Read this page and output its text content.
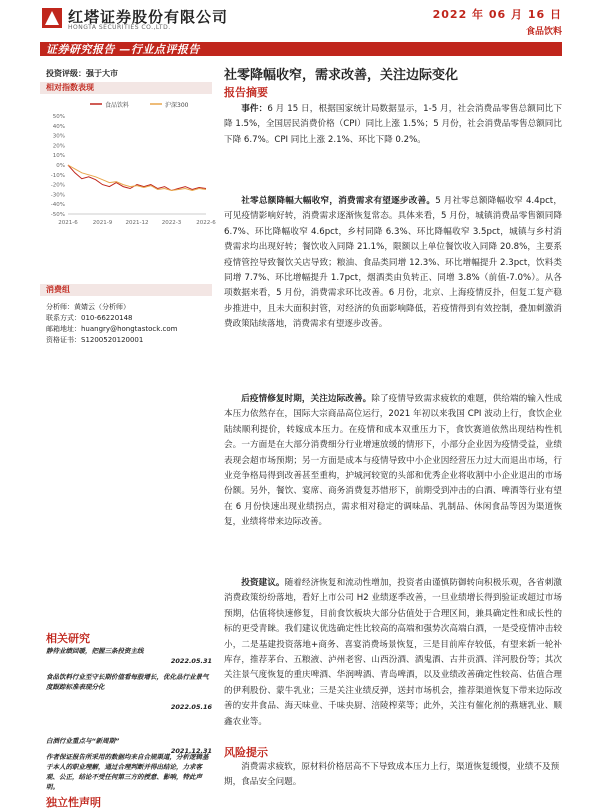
红塔证券股份有限公司
HONGTA SECURITIES CO.,LTD.
2022 年 06 月 16 日
食品饮料
证券研究报告 —行业点评报告
投资评级：强于大市
相对指数表现
食品饮料	沪深300
50%
40%
30%
20%
10%
0%
-10%
-20%
-30%
-40%
-50%
2021-6	2021-9 2021-12 2022-3	2022-6
消费组
分析师：黄婧云（分析师）
联系方式：010-66220148
邮箱地址：huangry@hongtastock.com
资格证书：S1200520120001
相关研究
静待业绩回暖，把握三条投资主线
2022.05.31
食品饮料行业至守长期价值看每股增长，优化品行业景气度跟踪标准表现分化
2022.05.16
白酒行业重点与“新周期”
2021.12.31
独立性声明
作者保证报告所采用的数据均来自合规渠道，分析逻辑基于本人的职业理解，通过合理判断并得出结论，力求客观、公正，结论不受任何第三方的授意、影响，特此声明。
社零降幅收窄，需求改善，关注边际变化
报告摘要
事件：6 月 15 日，根据国家统计局数据显示，1-5 月，社会消费品零售总额同比下降 1.5%，全国居民消费价格（CPI）同比上涨 1.5%；5 月份，社会消费品零售总额同比下降 6.7%。CPI 同比上涨 2.1%、环比下降 0.2%。
社零总额降幅大幅收窄，消费需求有望逐步改善。5 月社零总额降幅收窄 4.4pct，可见疫情影响好转，消费需求逐渐恢复常态。具体来看，5 月份，城镇消费品零售额同降 6.7%、环比降幅收窄 4.6pct，乡村同降 6.3%、环比降幅收窄 3.5pct，城镇与乡村消费需求均出现好转；餐饮收入同降 21.1%，限额以上单位餐饮收入同降 20.8%，主要系疫情管控导致餐饮关店导致；粮油、食品类同增 12.3%、环比增幅提升 2.3pct，饮料类同增 7.7%、环比增幅提升 1.7pct，烟酒类由负转正、同增 3.8%（前值-7.0%）。从各项数据来看，5 月份，消费需求环比改善。6 月份，北京、上海疫情反扑，但复工复产稳步推进中，且未大面积封管，对经济的负面影响降低，若疫情得到有效控制，叠加刺激消费政策陆续落地，消费需求有望逐步改善。
后疫情修复时期，关注边际改善。除了疫情导致需求疲软的难题，供给端的输入性成本压力依然存在，国际大宗商品高位运行，2021 年初以来我国 CPI 波动上行，食饮企业陆续顺利提价，转嫁成本压力。在疫情和成本双重压力下，食饮赛道依然出现结构性机会。一方面是在大部分消费细分行业增速放缓的情形下，小部分企业因为疫情受益，业绩表现会超市场预期；另一方面是成本与疫情导致中小企业因经营压力过大而退出市场，行业竞争格局得到改善甚至重构，护城河较宽的头部和优秀企业将收割中小企业退出的市场份额。另外，餐饮、宴席、商务消费复苏惜形下，前期受到冲击的白酒、啤酒等行业有望在 6 月份快速出现业绩拐点，需求相对稳定的调味品、乳制品、休闲食品等因为渠道恢复，业绩将带来边际改善。
投资建议。随着经济恢复和流动性增加，投资者由谨慎防御转向积极乐观，各省刺激消费政策纷纷落地，看好上市公司 H2 业绩逐季改善，一旦业绩增长得到验证或超过市场预期，估值将快速修复，目前食饮板块大部分估值处于合理区间，兼具确定性和成长性的标的更受青睐。我们建议优选确定性比较高的高端和强势次高端白酒，一是受疫情冲击较小，二是基建投资落地+商务、喜宴消费场景恢复，三是目前库存较低，有望来新一轮补库存，推荐茅台、五粮液、泸州老窖、山西汾酒、酒鬼酒、古井贡酒、洋河股份等；其次关注景气度恢复的重庆啤酒、华润啤酒、青岛啤酒，以及业绩改善确定性较高、估值合理的伊利股份、蒙牛乳业；三是关注业绩反弹，送封市场机会，推荐渠道恢复下带来边际改善的安井食品、海天味业、千味央厨、涪陵榨菜等；此外，关注有催化剂的燕塘乳业、顺鑫农业等。
风险提示
消费需求疲软，原材料价格居高不下导致成本压力上行，渠道恢复缓慢，业绩不及预期，食品安全问题。
